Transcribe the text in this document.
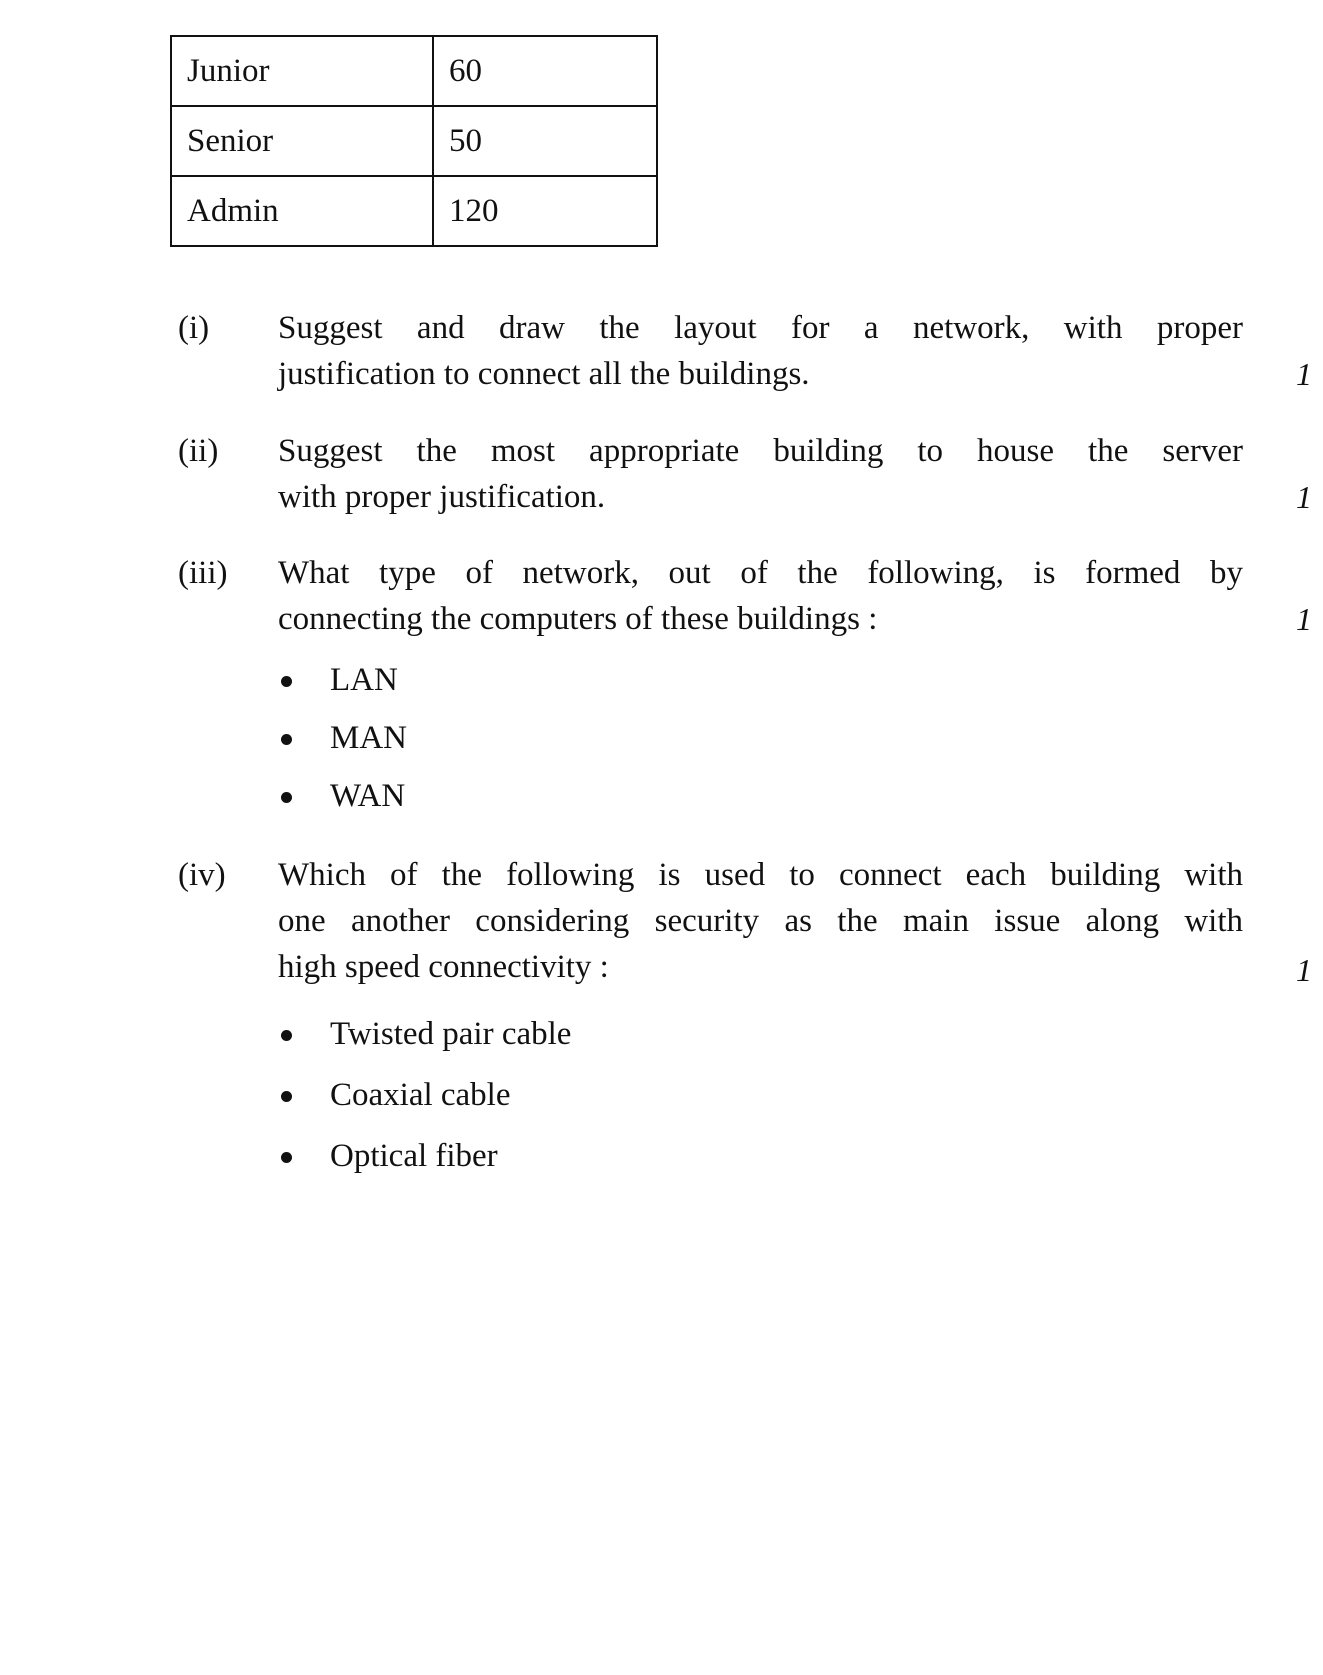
Junior	60
Senior	50
Admin	120
(i) Suggest and draw the layout for a network, with proper
justification to connect all the buildings.	1
(ii) Suggest the most appropriate building to house the server
with proper justification.	1
(iii) What type of network, out of the following, is formed by
connecting the computers of these buildings :	1
LAN
MAN
WAN
(iv) Which of the following is used to connect each building with
one another considering security as the main issue along with
high speed connectivity :	1
Twisted pair cable
Coaxial cable
Optical fiber
